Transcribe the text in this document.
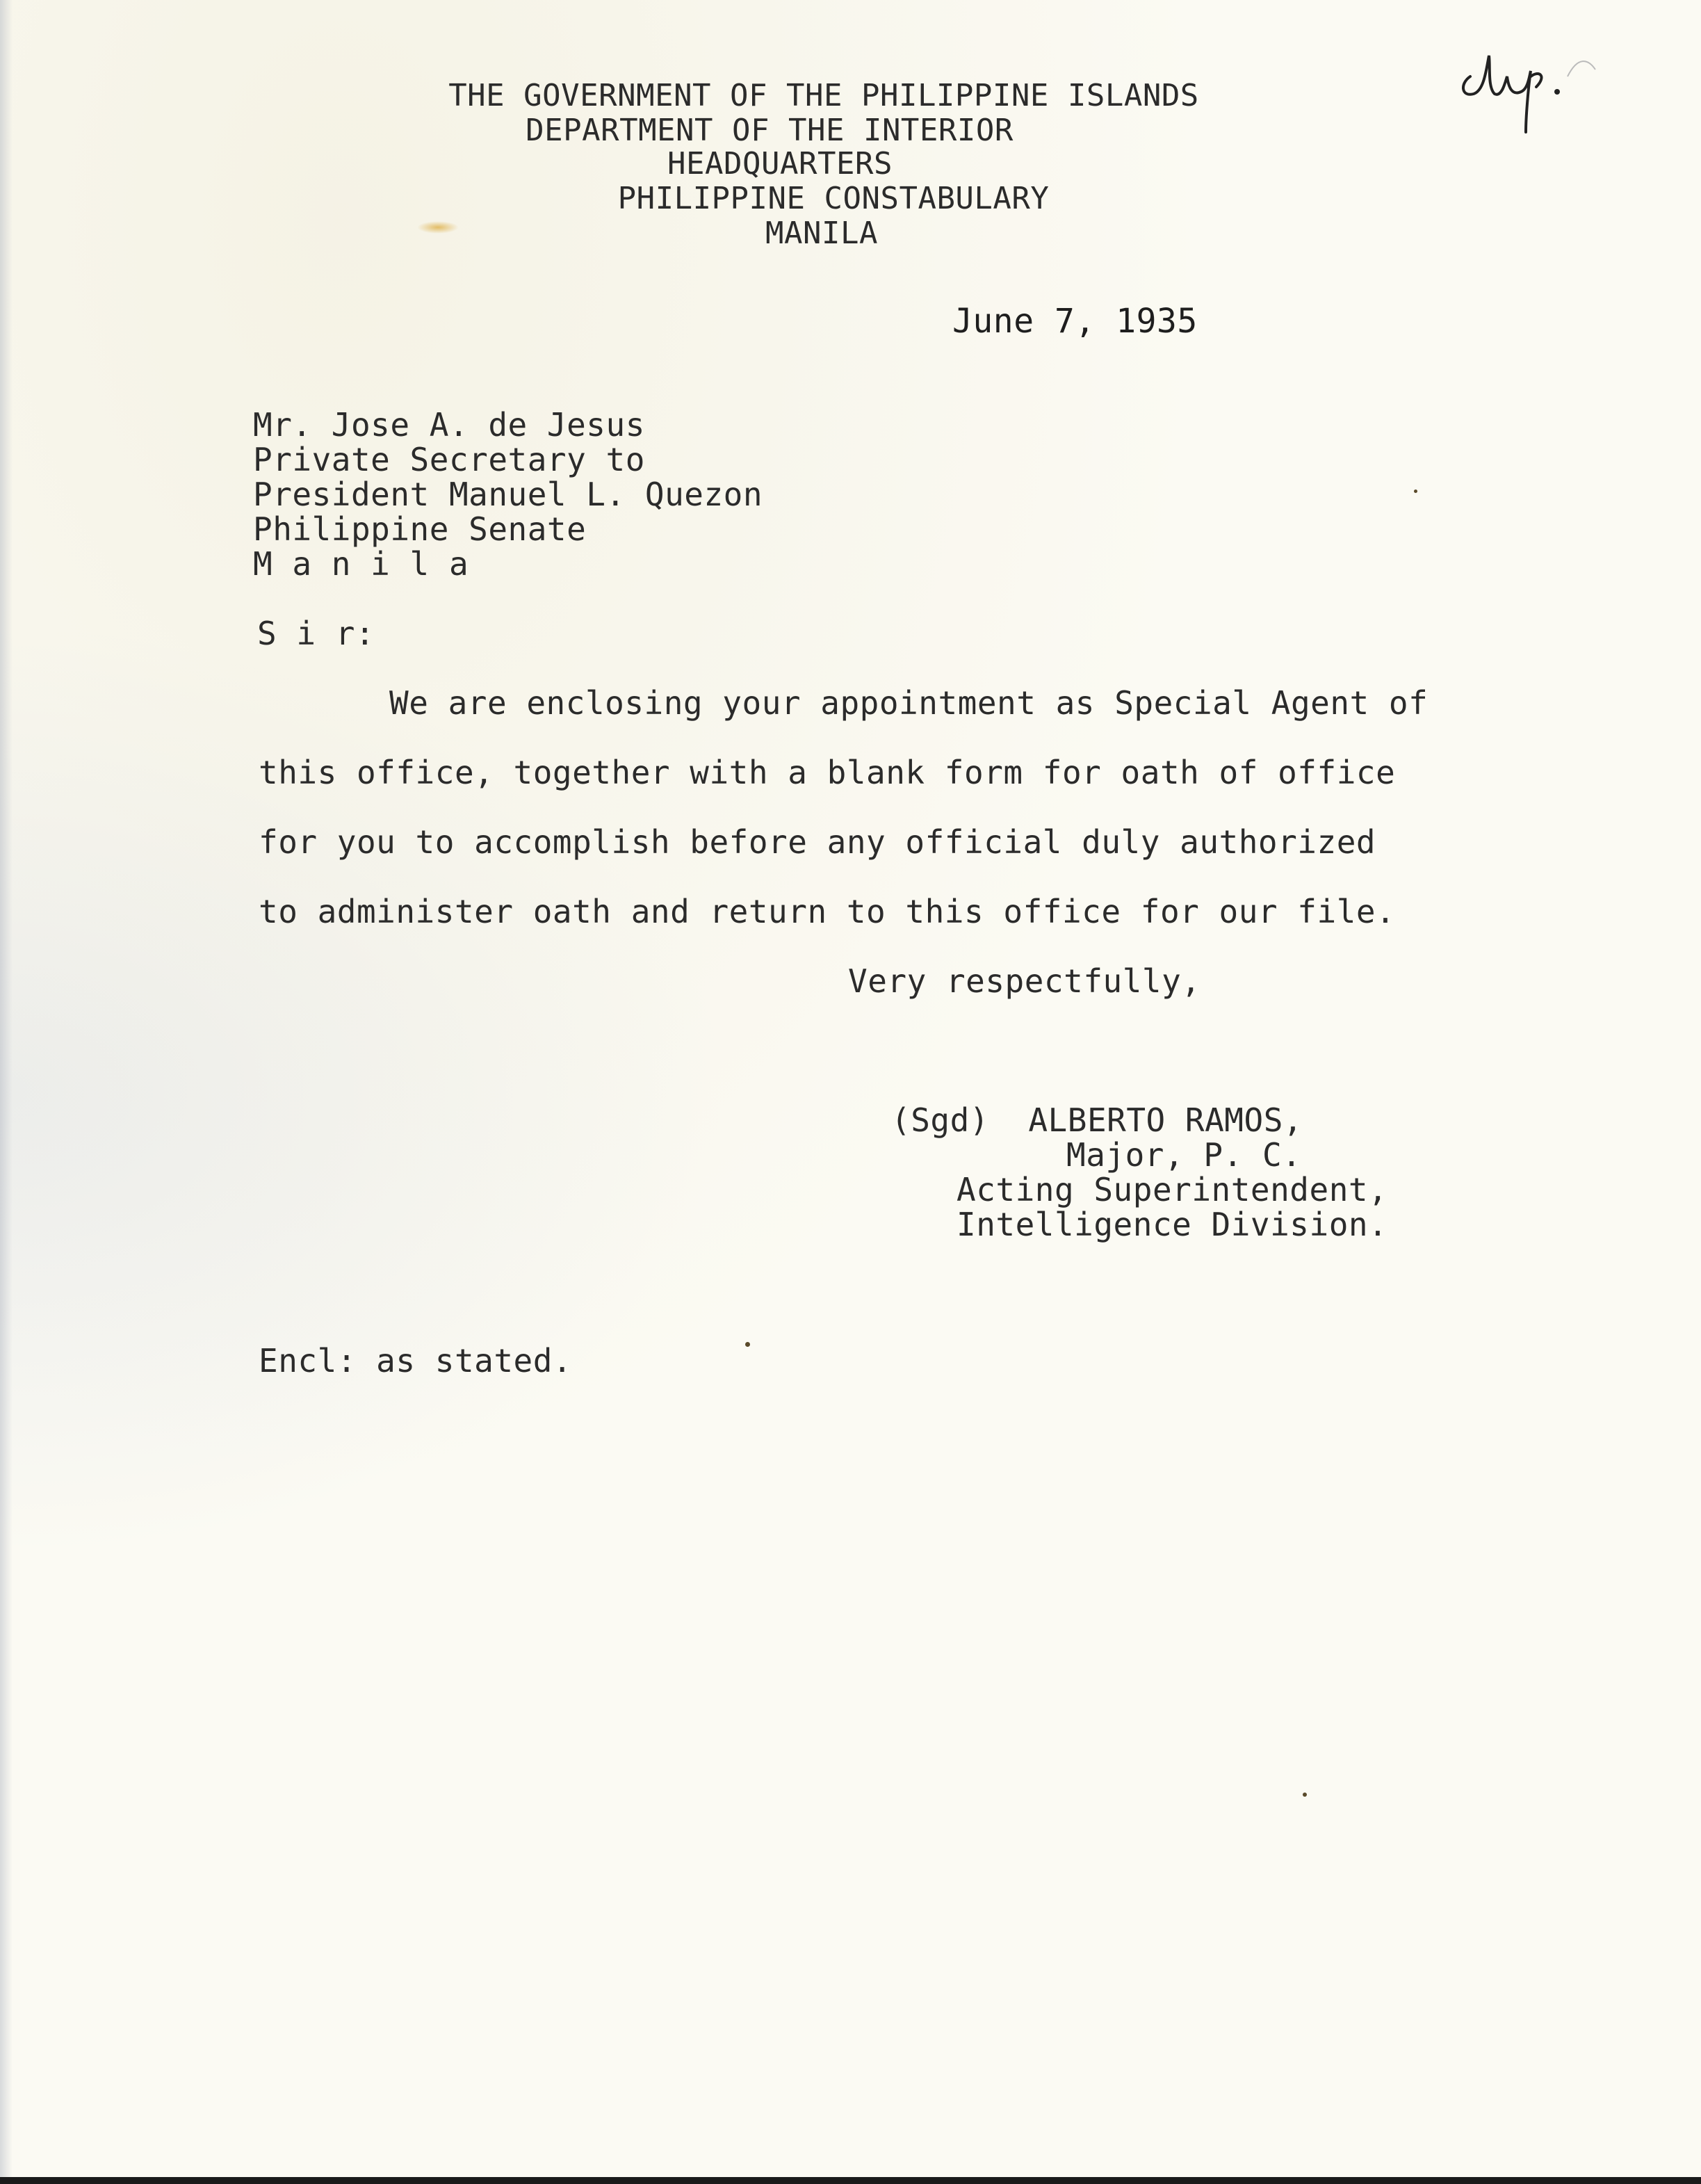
THE GOVERNMENT OF THE PHILIPPINE ISLANDS
DEPARTMENT OF THE INTERIOR
HEADQUARTERS
PHILIPPINE CONSTABULARY
MANILA
June 7, 1935
Mr. Jose A. de Jesus
Private Secretary to
President Manuel L. Quezon
Philippine Senate
M a n i l a
S i r:
We are enclosing your appointment as Special Agent of
this office, together with a blank form for oath of office
for you to accomplish before any official duly authorized
to administer oath and return to this office for our file.
Very respectfully,
(Sgd)  ALBERTO RAMOS,
Major, P. C.
Acting Superintendent,
Intelligence Division.
Encl: as stated.
